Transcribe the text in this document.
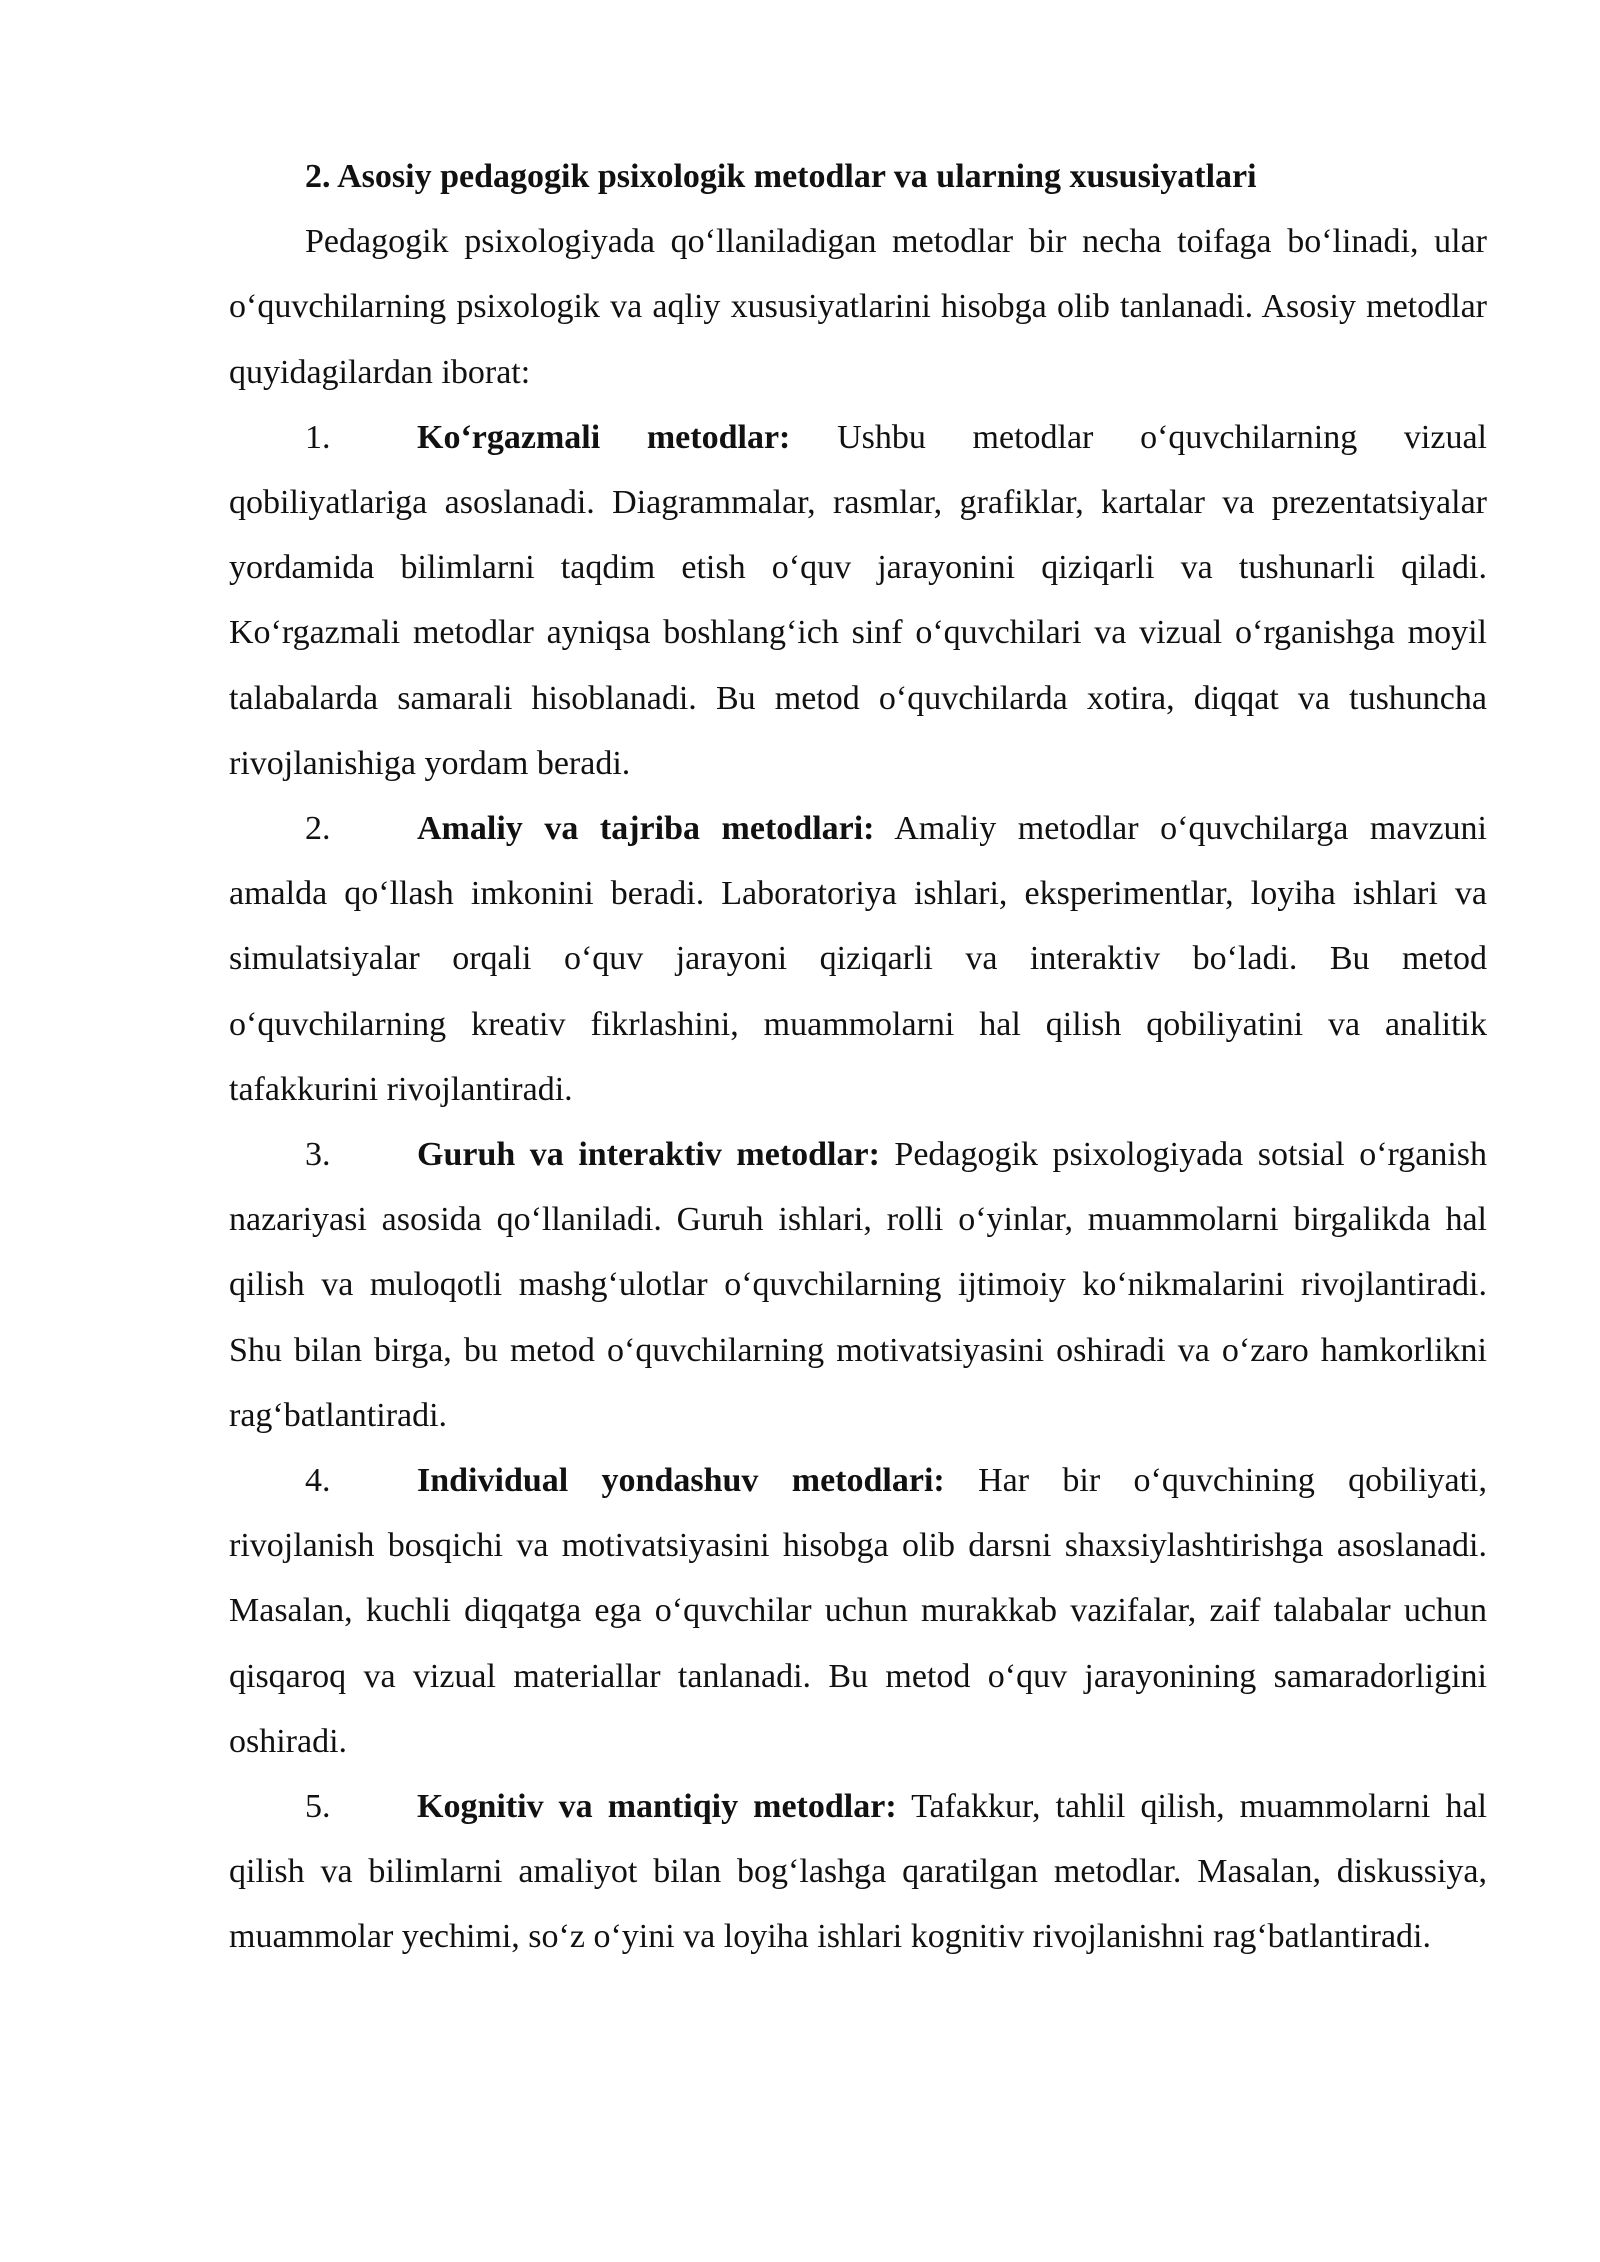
2. Asosiy pedagogik psixologik metodlar va ularning xususiyatlari

Pedagogik psixologiyada qo‘llaniladigan metodlar bir necha toifaga bo‘linadi, ular o‘quvchilarning psixologik va aqliy xususiyatlarini hisobga olib tanlanadi. Asosiy metodlar quyidagilardan iborat:

1.	Ko‘rgazmali metodlar: Ushbu metodlar o‘quvchilarning vizual qobiliyatlariga asoslanadi. Diagrammalar, rasmlar, grafiklar, kartalar va prezentatsiyalar yordamida bilimlarni taqdim etish o‘quv jarayonini qiziqarli va tushunarli qiladi. Ko‘rgazmali metodlar ayniqsa boshlang‘ich sinf o‘quvchilari va vizual o‘rganishga moyil talabalarda samarali hisoblanadi. Bu metod o‘quvchilarda xotira, diqqat va tushuncha rivojlanishiga yordam beradi.

2.	Amaliy va tajriba metodlari: Amaliy metodlar o‘quvchilarga mavzuni amalda qo‘llash imkonini beradi. Laboratoriya ishlari, eksperimentlar, loyiha ishlari va simulatsiyalar orqali o‘quv jarayoni qiziqarli va interaktiv bo‘ladi. Bu metod o‘quvchilarning kreativ fikrlashini, muammolarni hal qilish qobiliyatini va analitik tafakkurini rivojlantiradi.

3.	Guruh va interaktiv metodlar: Pedagogik psixologiyada sotsial o‘rganish nazariyasi asosida qo‘llaniladi. Guruh ishlari, rolli o‘yinlar, muammolarni birgalikda hal qilish va muloqotli mashg‘ulotlar o‘quvchilarning ijtimoiy ko‘nikmalarini rivojlantiradi. Shu bilan birga, bu metod o‘quvchilarning motivatsiyasini oshiradi va o‘zaro hamkorlikni rag‘batlantiradi.

4.	Individual yondashuv metodlari: Har bir o‘quvchining qobiliyati, rivojlanish bosqichi va motivatsiyasini hisobga olib darsni shaxsiylashtirishga asoslanadi. Masalan, kuchli diqqatga ega o‘quvchilar uchun murakkab vazifalar, zaif talabalar uchun qisqaroq va vizual materiallar tanlanadi. Bu metod o‘quv jarayonining samaradorligini oshiradi.

5.	Kognitiv va mantiqiy metodlar: Tafakkur, tahlil qilish, muammolarni hal qilish va bilimlarni amaliyot bilan bog‘lashga qaratilgan metodlar. Masalan, diskussiya, muammolar yechimi, so‘z o‘yini va loyiha ishlari kognitiv rivojlanishni rag‘batlantiradi.
